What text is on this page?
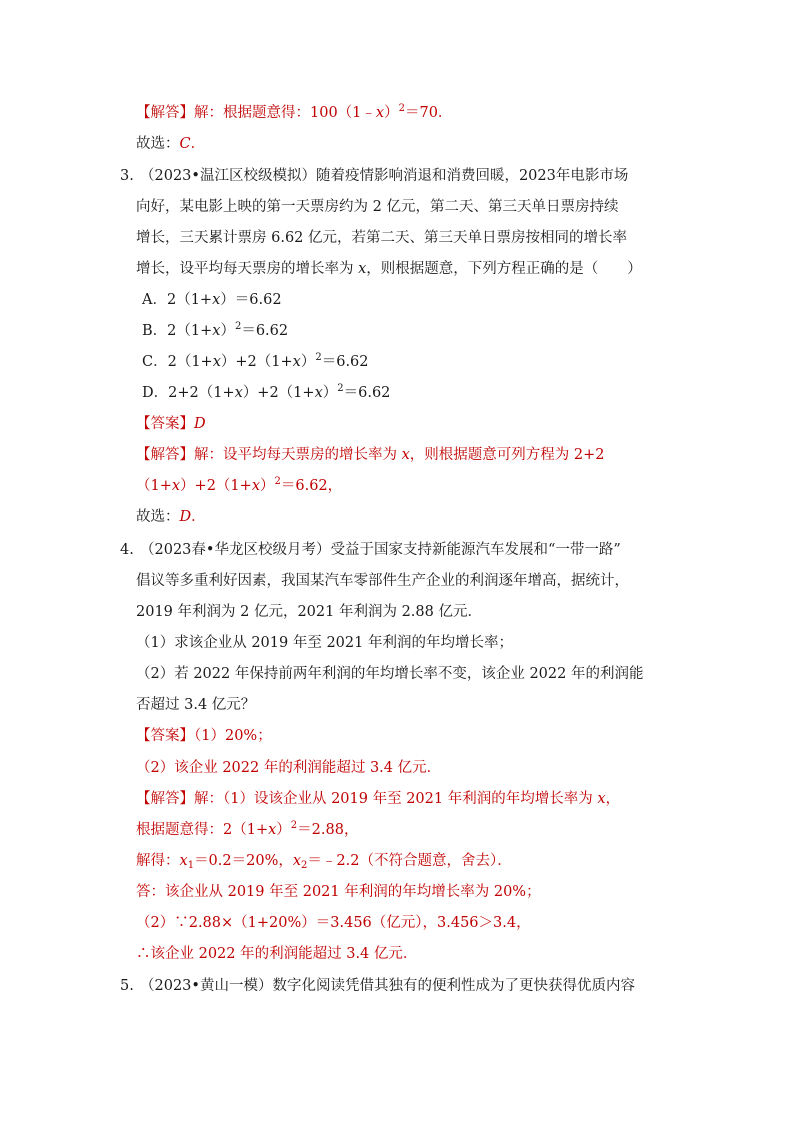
【解答】解：根据题意得：100（1﹣x）$^2$＝70．
故选：C．
3. （2023•温江区校级模拟）随着疫情影响消退和消费回暖，2023年电影市场
向好，某电影上映的第一天票房约为 2 亿元，第二天、第三天单日票房持续
增长，三天累计票房 6.62 亿元，若第二天、第三天单日票房按相同的增长率
增长，设平均每天票房的增长率为 x，则根据题意，下列方程正确的是（　　）
A．2（1+x）＝6.62
B．$2(1+x)^2=6.62$
C．$2(1+x)+2(1+x)^2=6.62$
D．$2+2(1+x)+2(1+x)^2=6.62$
【答案】D
【解答】解：设平均每天票房的增长率为 x，则根据题意可列方程为 2+2
$(1+x)+2(1+x)^2=6.62$，
故选：D．
4. （2023春•华龙区校级月考）受益于国家支持新能源汽车发展和“一带一路”
倡议等多重利好因素，我国某汽车零部件生产企业的利润逐年增高，据统计，
2019 年利润为 2 亿元，2021 年利润为 2.88 亿元．
（1）求该企业从 2019 年至 2021 年利润的年均增长率；
（2）若 2022 年保持前两年利润的年均增长率不变，该企业 2022 年的利润能
否超过 3.4 亿元？
【答案】（1）20%；
（2）该企业 2022 年的利润能超过 3.4 亿元．
【解答】解：（1）设该企业从 2019 年至 2021 年利润的年均增长率为 x，
根据题意得：$2(1+x)^2=2.88$，
解得：$x_1=0.2=20\%$，$x_2=﹣2.2$（不符合题意，舍去）．
答：该企业从 2019 年至 2021 年利润的年均增长率为 20%；
（2）∵2.88×（1+20%）＝3.456（亿元），3.456＞3.4，
∴该企业 2022 年的利润能超过 3.4 亿元．
5. （2023•黄山一模）数字化阅读凭借其独有的便利性成为了更快获得优质内容
